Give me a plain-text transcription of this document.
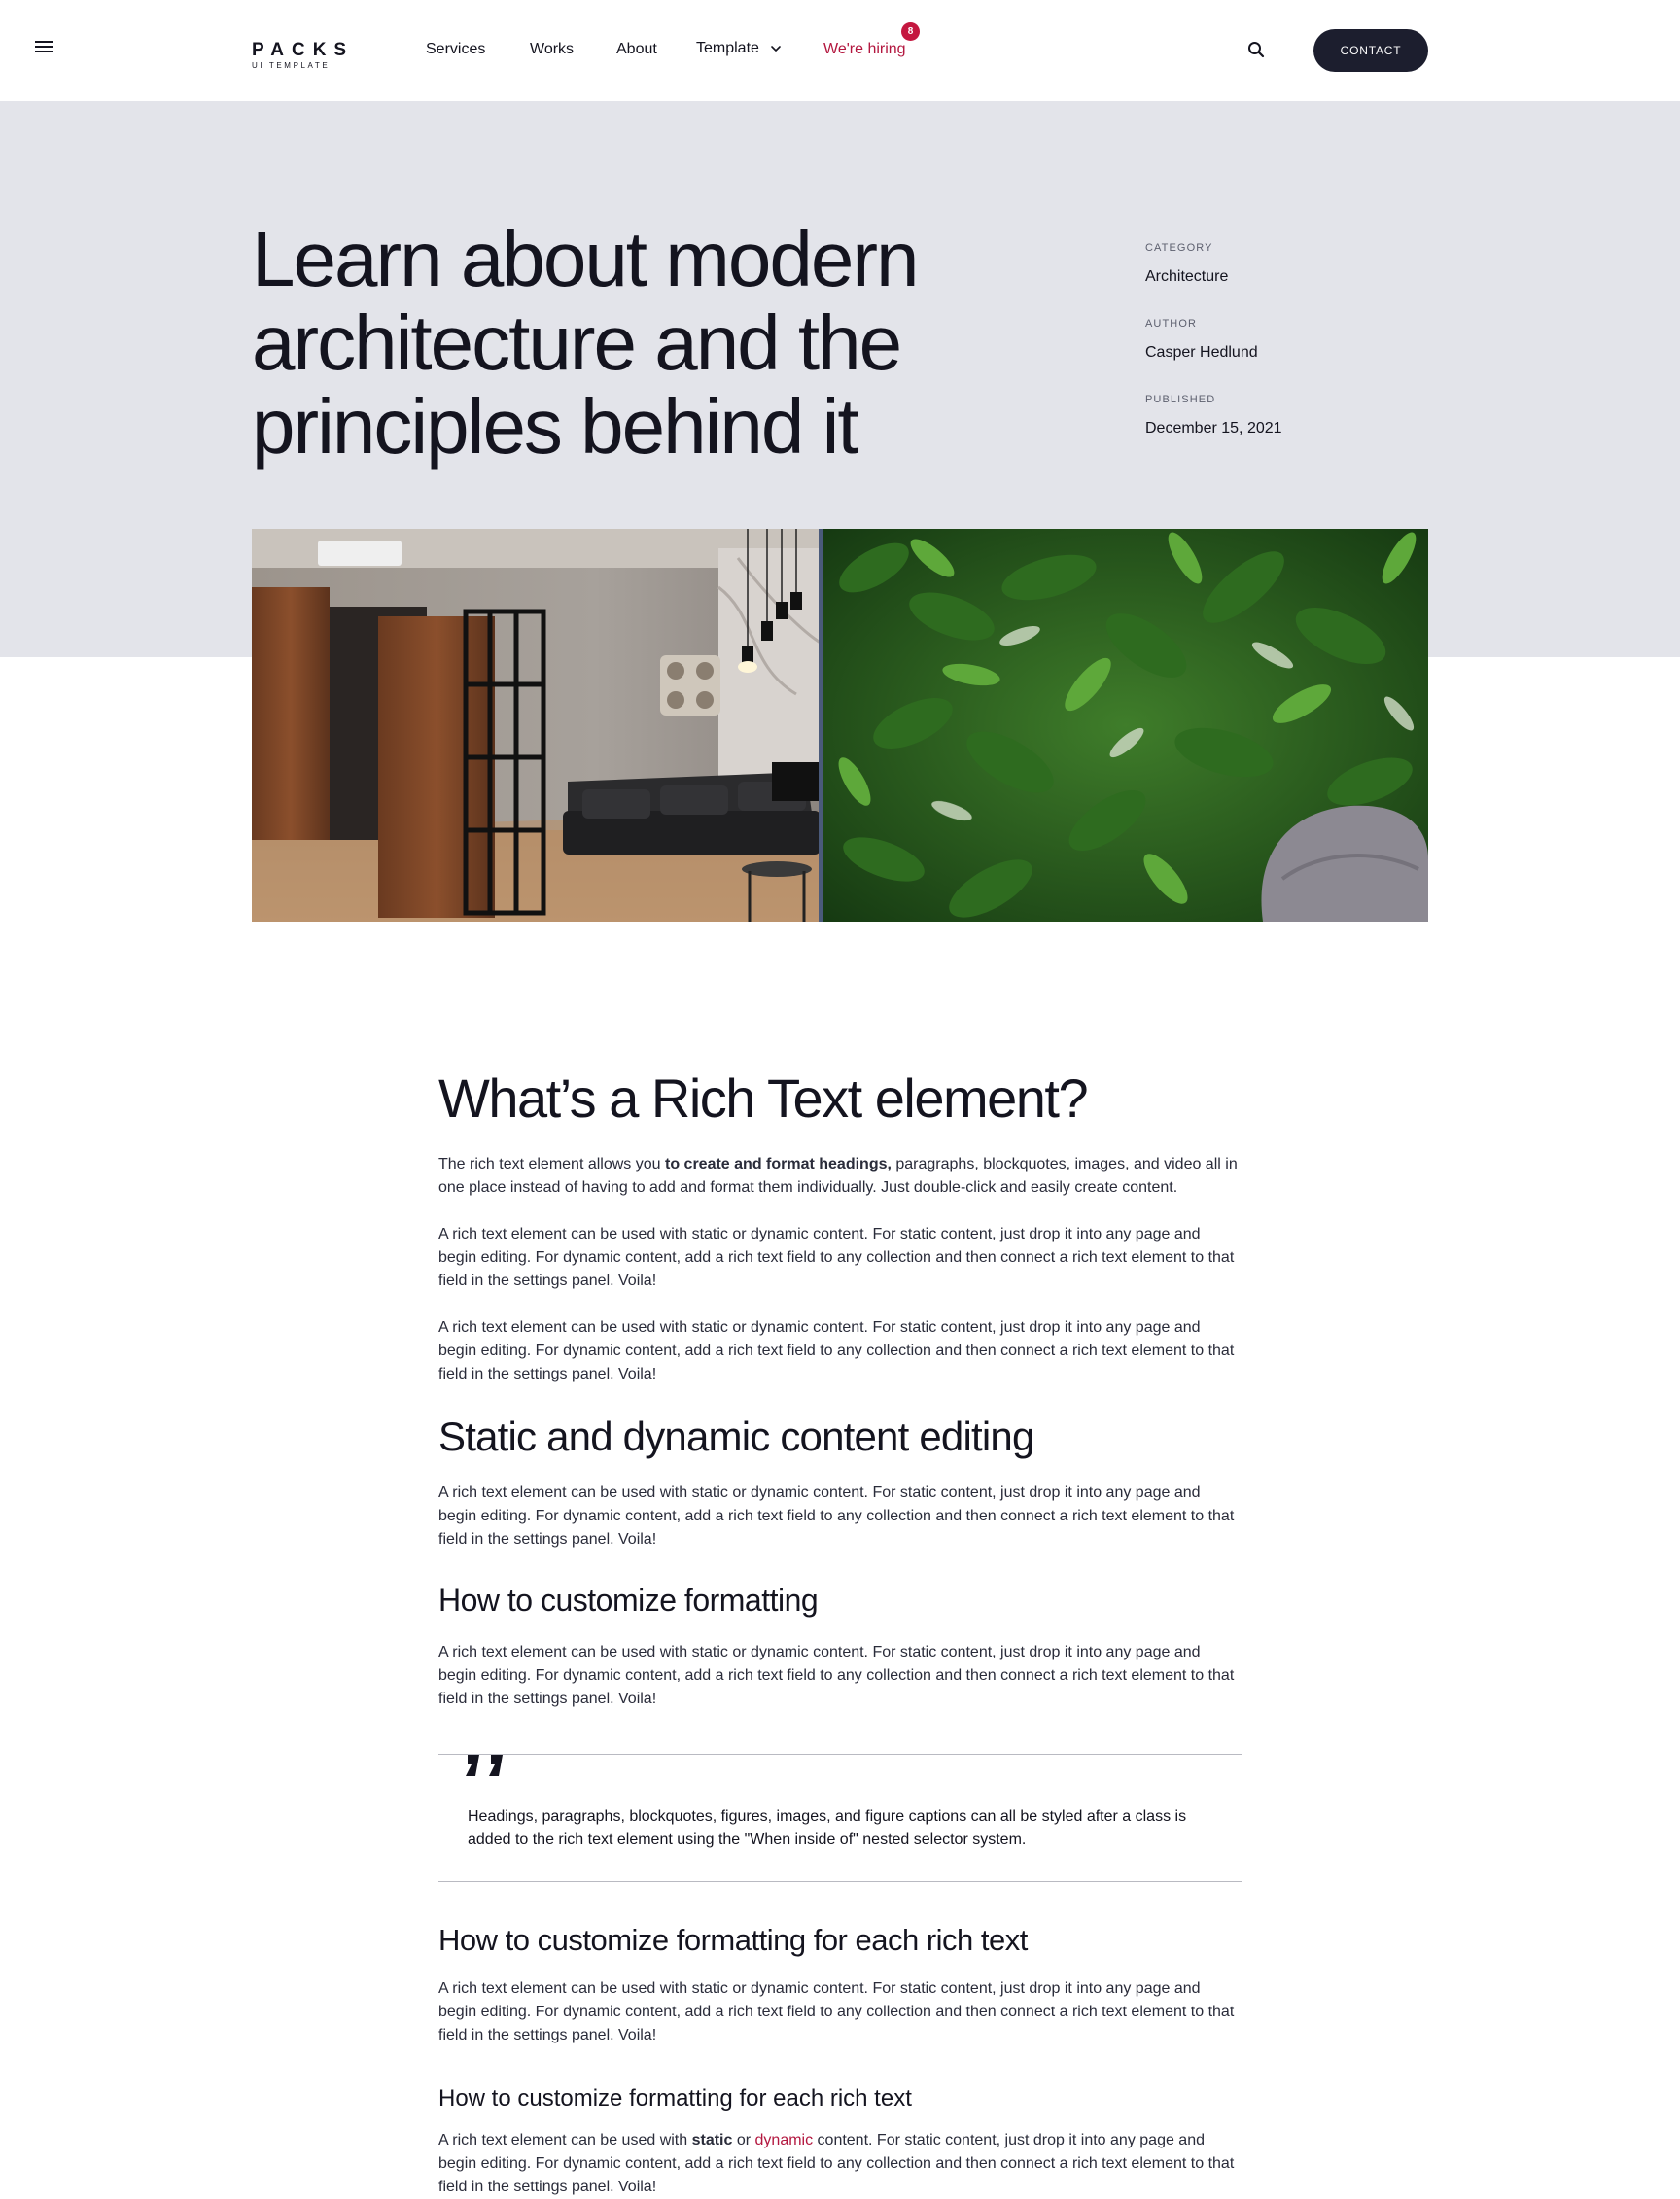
PACKS
UI TEMPLATE
Services	Works	About	Template	We're hiring
8
CONTACT
Learn about modern architecture and the principles behind it
CATEGORY
Architecture
AUTHOR
Casper Hedlund
PUBLISHED
December 15, 2021
What’s a Rich Text element?

The rich text element allows you to create and format headings, paragraphs, blockquotes, images, and video all in one place instead of having to add and format them individually. Just double-click and easily create content.

A rich text element can be used with static or dynamic content. For static content, just drop it into any page and begin editing. For dynamic content, add a rich text field to any collection and then connect a rich text element to that field in the settings panel. Voila!

A rich text element can be used with static or dynamic content. For static content, just drop it into any page and begin editing. For dynamic content, add a rich text field to any collection and then connect a rich text element to that field in the settings panel. Voila!

Static and dynamic content editing

A rich text element can be used with static or dynamic content. For static content, just drop it into any page and begin editing. For dynamic content, add a rich text field to any collection and then connect a rich text element to that field in the settings panel. Voila!

How to customize formatting

A rich text element can be used with static or dynamic content. For static content, just drop it into any page and begin editing. For dynamic content, add a rich text field to any collection and then connect a rich text element to that field in the settings panel. Voila!

Headings, paragraphs, blockquotes, figures, images, and figure captions can all be styled after a class is added to the rich text element using the "When inside of" nested selector system.

How to customize formatting for each rich text

A rich text element can be used with static or dynamic content. For static content, just drop it into any page and begin editing. For dynamic content, add a rich text field to any collection and then connect a rich text element to that field in the settings panel. Voila!

How to customize formatting for each rich text

A rich text element can be used with static or dynamic content. For static content, just drop it into any page and begin editing. For dynamic content, add a rich text field to any collection and then connect a rich text element to that field in the settings panel. Voila!
